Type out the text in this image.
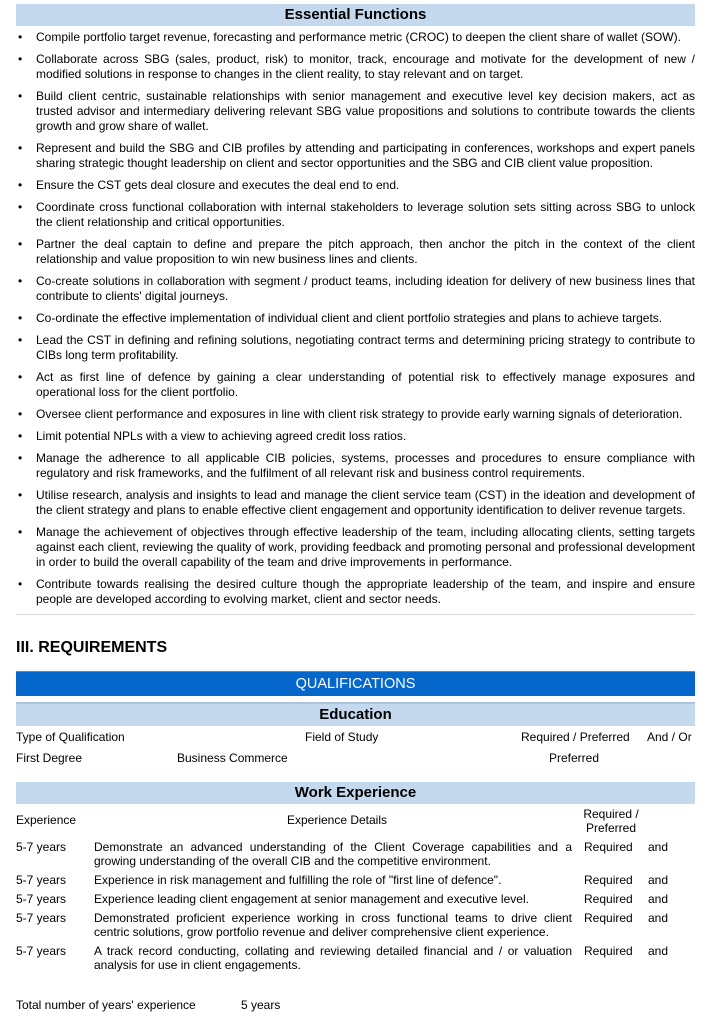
Essential Functions
• Compile portfolio target revenue, forecasting and performance metric (CROC) to deepen the client share of wallet (SOW).
• Collaborate across SBG (sales, product, risk) to monitor, track, encourage and motivate for the development of new / modified solutions in response to changes in the client reality, to stay relevant and on target.
• Build client centric, sustainable relationships with senior management and executive level key decision makers, act as trusted advisor and intermediary delivering relevant SBG value propositions and solutions to contribute towards the clients growth and grow share of wallet.
• Represent and build the SBG and CIB profiles by attending and participating in conferences, workshops and expert panels sharing strategic thought leadership on client and sector opportunities and the SBG and CIB client value proposition.
• Ensure the CST gets deal closure and executes the deal end to end.
• Coordinate cross functional collaboration with internal stakeholders to leverage solution sets sitting across SBG to unlock the client relationship and critical opportunities.
• Partner the deal captain to define and prepare the pitch approach, then anchor the pitch in the context of the client relationship and value proposition to win new business lines and clients.
• Co-create solutions in collaboration with segment / product teams, including ideation for delivery of new business lines that contribute to clients' digital journeys.
• Co-ordinate the effective implementation of individual client and client portfolio strategies and plans to achieve targets.
• Lead the CST in defining and refining solutions, negotiating contract terms and determining pricing strategy to contribute to CIBs long term profitability.
• Act as first line of defence by gaining a clear understanding of potential risk to effectively manage exposures and operational loss for the client portfolio.
• Oversee client performance and exposures in line with client risk strategy to provide early warning signals of deterioration.
• Limit potential NPLs with a view to achieving agreed credit loss ratios.
• Manage the adherence to all applicable CIB policies, systems, processes and procedures to ensure compliance with regulatory and risk frameworks, and the fulfilment of all relevant risk and business control requirements.
• Utilise research, analysis and insights to lead and manage the client service team (CST) in the ideation and development of the client strategy and plans to enable effective client engagement and opportunity identification to deliver revenue targets.
• Manage the achievement of objectives through effective leadership of the team, including allocating clients, setting targets against each client, reviewing the quality of work, providing feedback and promoting personal and professional development in order to build the overall capability of the team and drive improvements in performance.
• Contribute towards realising the desired culture though the appropriate leadership of the team, and inspire and ensure people are developed according to evolving market, client and sector needs.
III. REQUIREMENTS
QUALIFICATIONS
Education
Type of Qualification	Field of Study	Required / Preferred	And / Or
First Degree	Business Commerce	Preferred
Work Experience
Experience	Experience Details	Required / Preferred	
5-7 years	Demonstrate an advanced understanding of the Client Coverage capabilities and a growing understanding of the overall CIB and the competitive environment.	Required	and
5-7 years	Experience in risk management and fulfilling the role of "first line of defence".	Required	and
5-7 years	Experience leading client engagement at senior management and executive level.	Required	and
5-7 years	Demonstrated proficient experience working in cross functional teams to drive client centric solutions, grow portfolio revenue and deliver comprehensive client experience.	Required	and
5-7 years	A track record conducting, collating and reviewing detailed financial and / or valuation analysis for use in client engagements.	Required	and
Total number of years' experience	5 years
